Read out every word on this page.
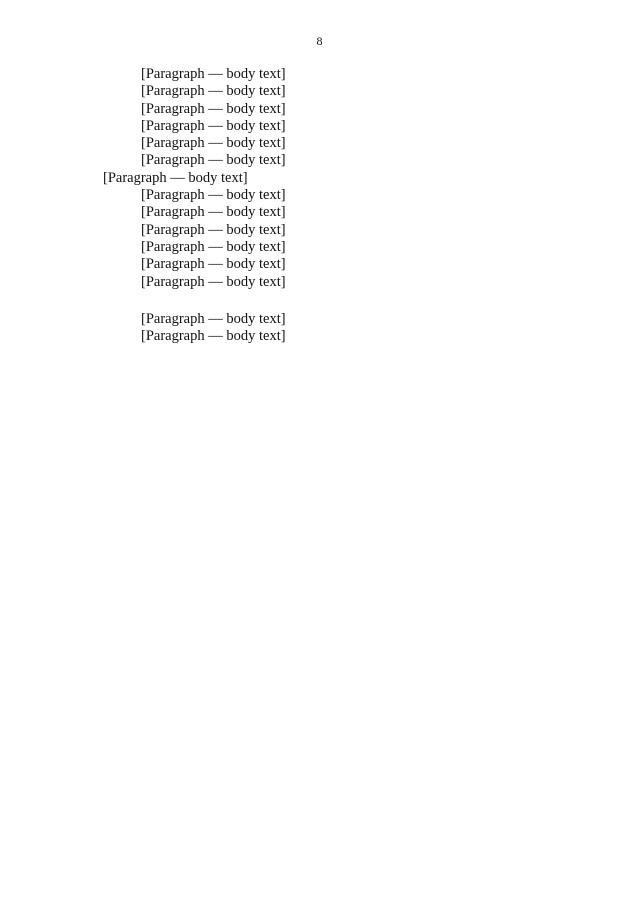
8

[Paragraph — body text]

[Paragraph — body text]

[Paragraph — body text]

[Paragraph — body text]

[Paragraph — body text]

[Paragraph — body text]

[Paragraph — body text]

[Paragraph — body text]

[Paragraph — body text]

[Paragraph — body text]

[Paragraph — body text]

[Paragraph — body text]

[Paragraph — body text]

[Paragraph — body text]

[Paragraph — body text]
